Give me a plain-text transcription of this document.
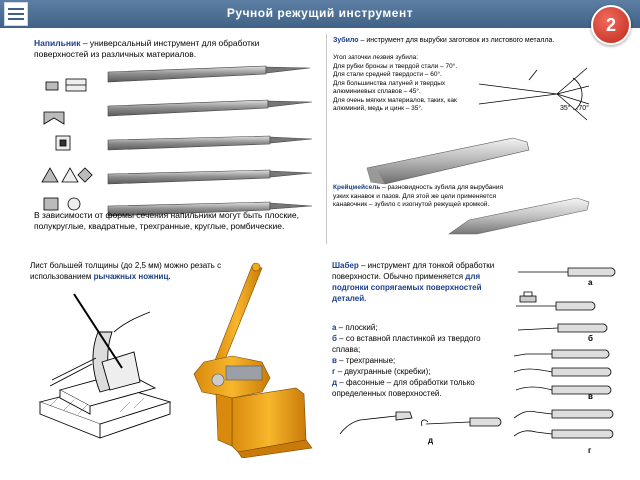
Ручной режущий инструмент
2
Напильник – универсальный инструмент для обработки поверхностей из различных материалов.
В зависимости от формы сечения напильники могут быть плоские, полукруглые, квадратные, трехгранные, круглые, ромбические.
Зубило – инструмент для вырубки заготовок из листового металла.
Угол заточки лезвия зубила:
Для рубки бронзы и твердой стали – 70°.
Для стали средней твердости – 60°.
Для большинства латуней и твердых алюминиевых сплавов – 45°.
Для очень мягких материалов, таких, как алюминий, медь и цинк – 35°.	35° ...70°
Крейцмейсель – разновидность зубила для вырубания узких канавок и пазов. Для этой же цели применяется канавочник – зубило с изогнутой режущей кромкой.
Лист большей толщины (до 2,5 мм) можно резать с использованием рычажных ножниц.
Шабер – инструмент для тонкой обработки поверхности. Обычно применяется для подгонки сопрягаемых поверхностей деталей.
а – плоский;
б – со вставной пластинкой из твердого сплава;
в – трехгранные;
г – двухгранные (скребки);
д – фасонные – для обработки только определенных поверхностей.
д
а
б
в
г
